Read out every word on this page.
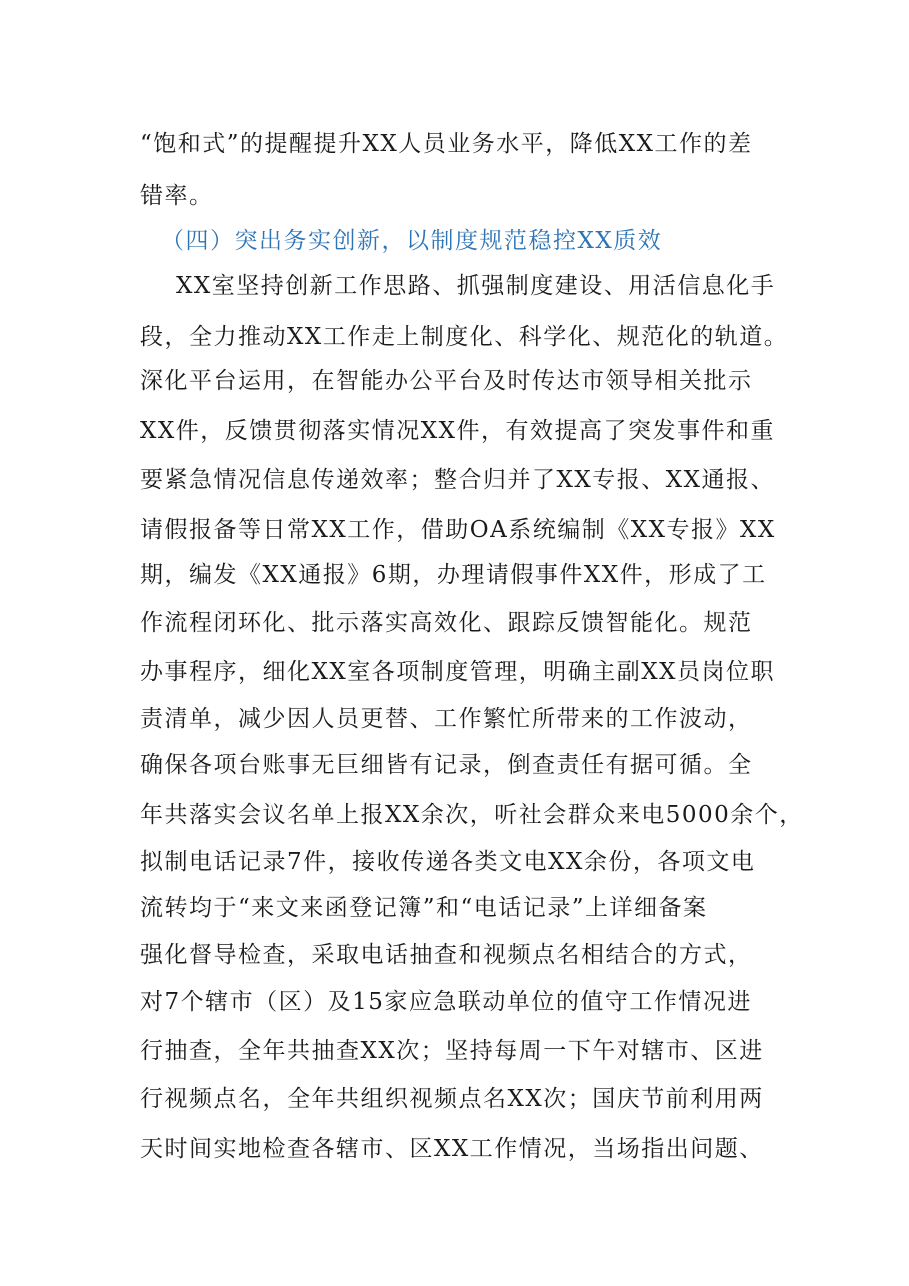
“饱和式”的提醒提升XX人员业务水平，降低XX工作的差
错率。
（四）突出务实创新，以制度规范稳控XX质效
XX室坚持创新工作思路、抓强制度建设、用活信息化手
段，全力推动XX工作走上制度化、科学化、规范化的轨道。
深化平台运用，在智能办公平台及时传达市领导相关批示
XX件，反馈贯彻落实情况XX件，有效提高了突发事件和重
要紧急情况信息传递效率；整合归并了XX专报、XX通报、
请假报备等日常XX工作，借助OA系统编制《XX专报》XX
期，编发《XX通报》6期，办理请假事件XX件，形成了工
作流程闭环化、批示落实高效化、跟踪反馈智能化。规范
办事程序，细化XX室各项制度管理，明确主副XX员岗位职
责清单，减少因人员更替、工作繁忙所带来的工作波动，
确保各项台账事无巨细皆有记录，倒查责任有据可循。全
年共落实会议名单上报XX余次，听社会群众来电5000余个，
拟制电话记录7件，接收传递各类文电XX余份，各项文电
流转均于“来文来函登记簿”和“电话记录”上详细备案
强化督导检查，采取电话抽查和视频点名相结合的方式，
对7个辖市（区）及15家应急联动单位的值守工作情况进
行抽查，全年共抽查XX次；坚持每周一下午对辖市、区进
行视频点名，全年共组织视频点名XX次；国庆节前利用两
天时间实地检查各辖市、区XX工作情况，当场指出问题、
